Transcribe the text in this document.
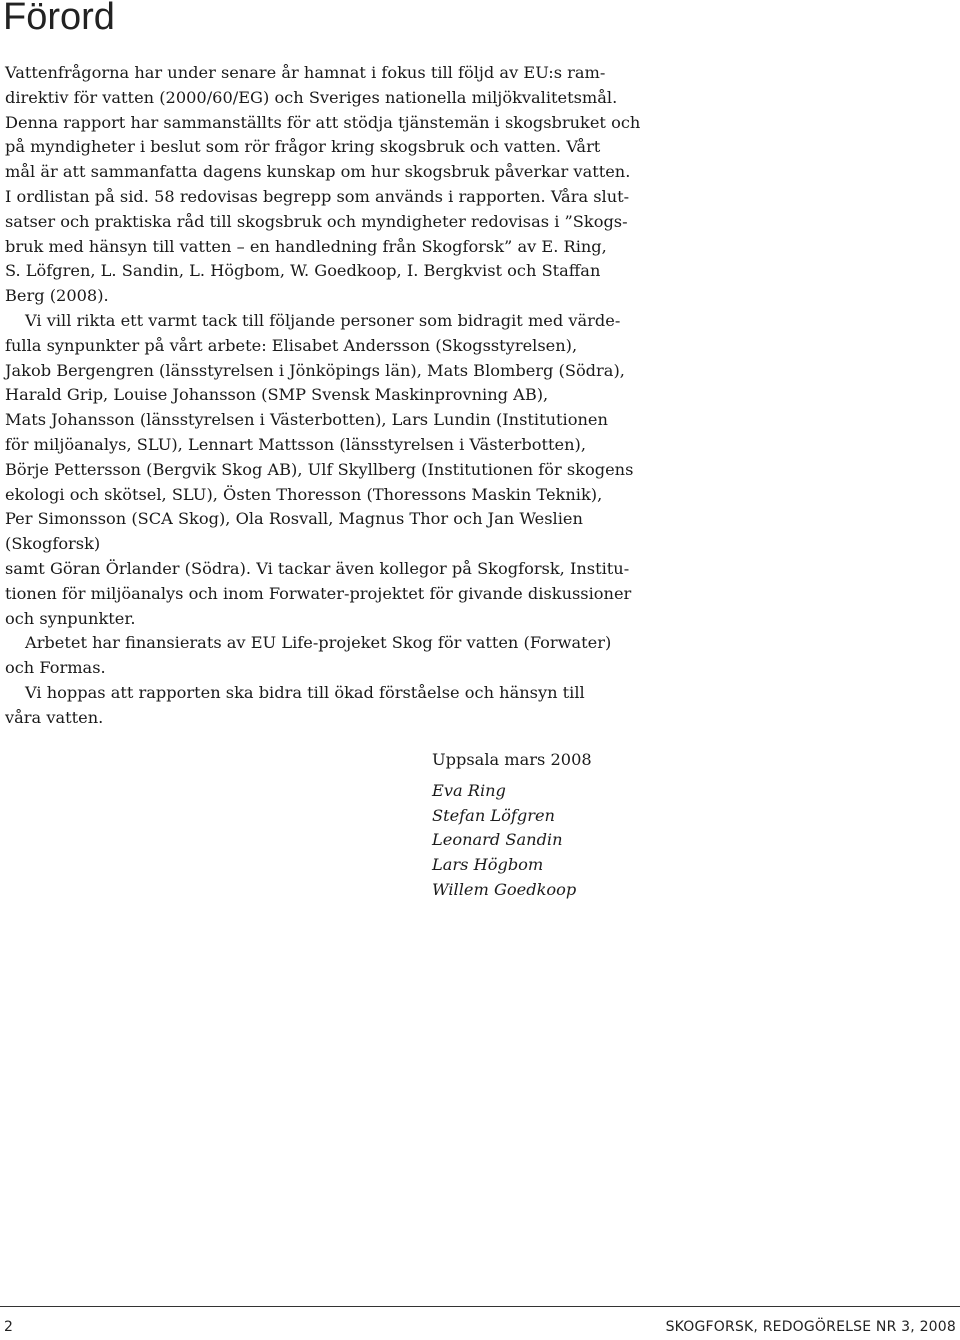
Förord

Vattenfrågorna har under senare år hamnat i fokus till följd av EU:s ram-
direktiv för vatten (2000/60/EG) och Sveriges nationella miljökvalitetsmål.
Denna rapport har sammanställts för att stödja tjänstemän i skogsbruket och
på myndigheter i beslut som rör frågor kring skogsbruk och vatten. Vårt
mål är att sammanfatta dagens kunskap om hur skogsbruk påverkar vatten.
I ordlistan på sid. 58 redovisas begrepp som används i rapporten. Våra slut-
satser och praktiska råd till skogsbruk och myndigheter redovisas i ”Skogs-
bruk med hänsyn till vatten – en handledning från Skogforsk” av E. Ring,
S. Löfgren, L. Sandin, L. Högbom, W. Goedkoop, I. Bergkvist och Staffan
Berg (2008).

Vi vill rikta ett varmt tack till följande personer som bidragit med värde-
fulla synpunkter på vårt arbete: Elisabet Andersson (Skogsstyrelsen),
Jakob Bergengren (länsstyrelsen i Jönköpings län), Mats Blomberg (Södra),
Harald Grip, Louise Johansson (SMP Svensk Maskinprovning AB),
Mats Johansson (länsstyrelsen i Västerbotten), Lars Lundin (Institutionen
för miljöanalys, SLU), Lennart Mattsson (länsstyrelsen i Västerbotten),
Börje Pettersson (Bergvik Skog AB), Ulf Skyllberg (Institutionen för skogens
ekologi och skötsel, SLU), Östen Thoresson (Thoressons Maskin Teknik),
Per Simonsson (SCA Skog), Ola Rosvall, Magnus Thor och Jan Weslien (Skogforsk)
samt Göran Örlander (Södra). Vi tackar även kollegor på Skogforsk, Institu-
tionen för miljöanalys och inom Forwater-projektet för givande diskussioner
och synpunkter.

Arbetet har finansierats av EU Life-projeket Skog för vatten (Forwater)
och Formas.

Vi hoppas att rapporten ska bidra till ökad förståelse och hänsyn till
våra vatten.

Uppsala mars 2008

Eva Ring

Stefan Löfgren

Leonard Sandin

Lars Högbom

Willem Goedkoop

2	SKOGFORSK, REDOGÖRELSE NR 3, 2008
